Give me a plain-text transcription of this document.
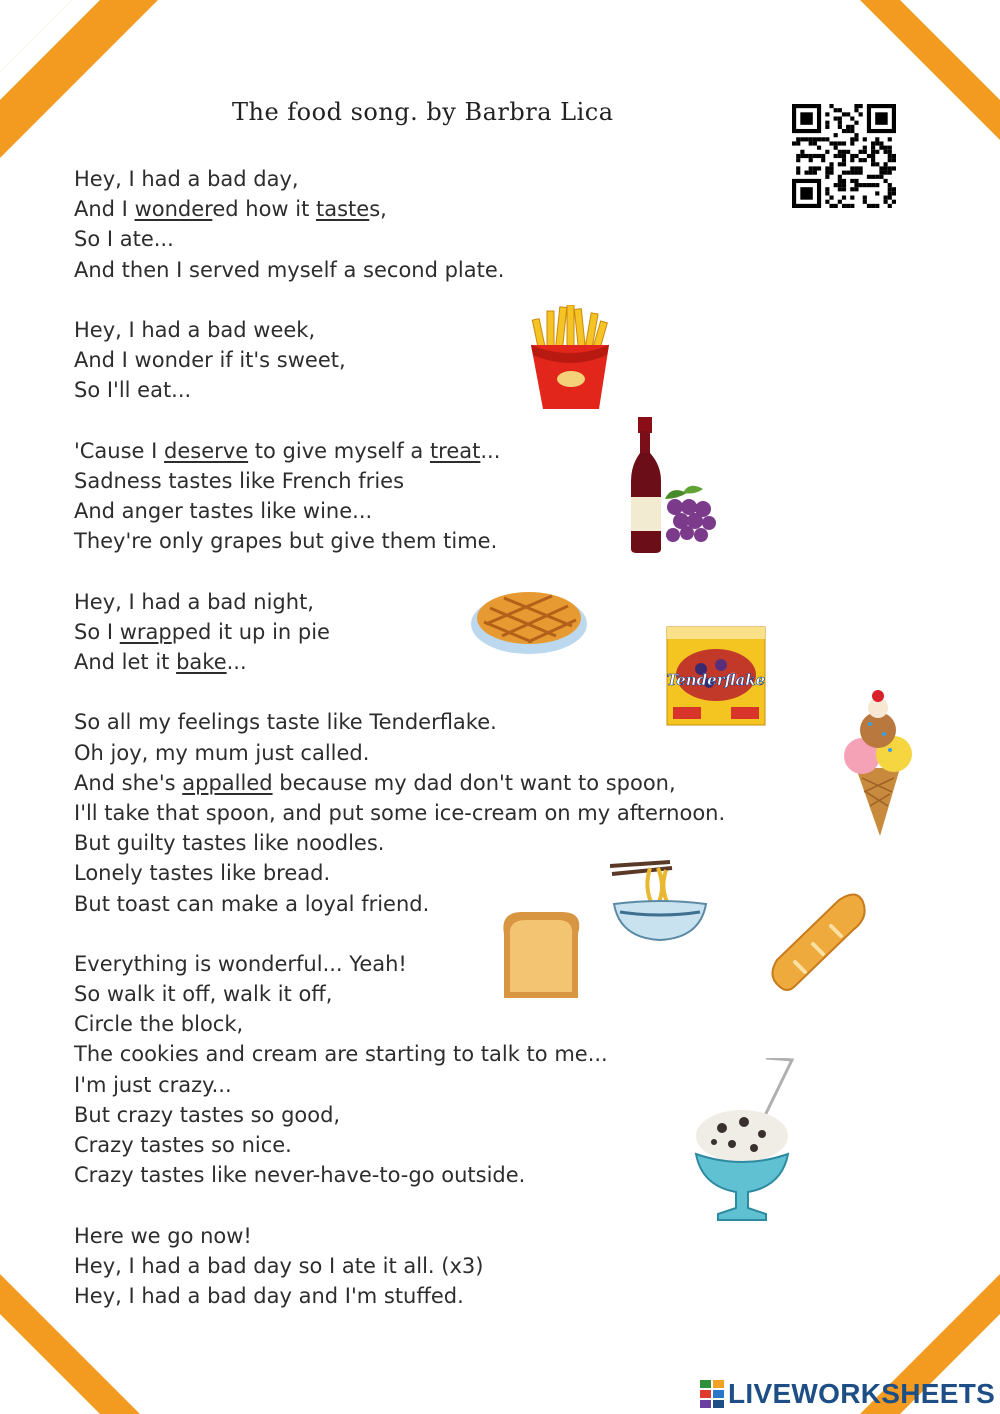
The food song. by Barbra Lica
Hey, I had a bad day,
And I wondered how it tastes,
So I ate...
And then I served myself a second plate.
Hey, I had a bad week,
And I wonder if it's sweet,
So I'll eat...
'Cause I deserve to give myself a treat...
Sadness tastes like French fries
And anger tastes like wine...
They're only grapes but give them time.
Hey, I had a bad night,
So I wrapped it up in pie
And let it bake...
So all my feelings taste like Tenderflake.
Oh joy, my mum just called.
And she's appalled because my dad don't want to spoon,
I'll take that spoon, and put some ice-cream on my afternoon.
But guilty tastes like noodles.
Lonely tastes like bread.
But toast can make a loyal friend.
Everything is wonderful... Yeah!
So walk it off, walk it off,
Circle the block,
The cookies and cream are starting to talk to me...
I'm just crazy...
But crazy tastes so good,
Crazy tastes so nice.
Crazy tastes like never-have-to-go outside.
Here we go now!
Hey, I had a bad day so I ate it all. (x3)
Hey, I had a bad day and I'm stuffed.
Tenderflake
LIVEWORKSHEETS
